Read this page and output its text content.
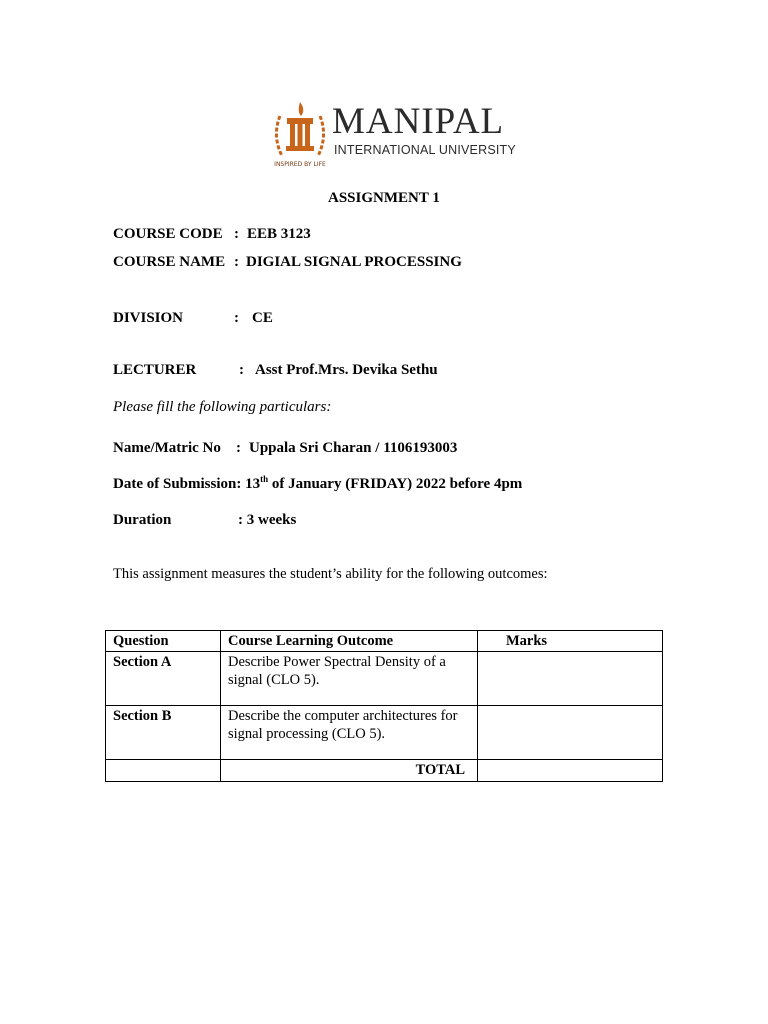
INSPIRED BY LIFE
MANIPAL
INTERNATIONAL UNIVERSITY
ASSIGNMENT 1
COURSE CODE : EEB 3123
COURSE NAME : DIGIAL SIGNAL PROCESSING
DIVISION	: CE
LECTURER	: Asst Prof.Mrs. Devika Sethu
Please fill the following particulars:
Name/Matric No : Uppala Sri Charan / 1106193003
Date of Submission: 13th of January (FRIDAY) 2022 before 4pm
Duration	: 3 weeks
This assignment measures the student’s ability for the following outcomes:
Question	Course Learning Outcome	Marks
Section A	Describe Power Spectral Density of a signal (CLO 5).	
Section B	Describe the computer architectures for signal processing (CLO 5).	
	TOTAL	
